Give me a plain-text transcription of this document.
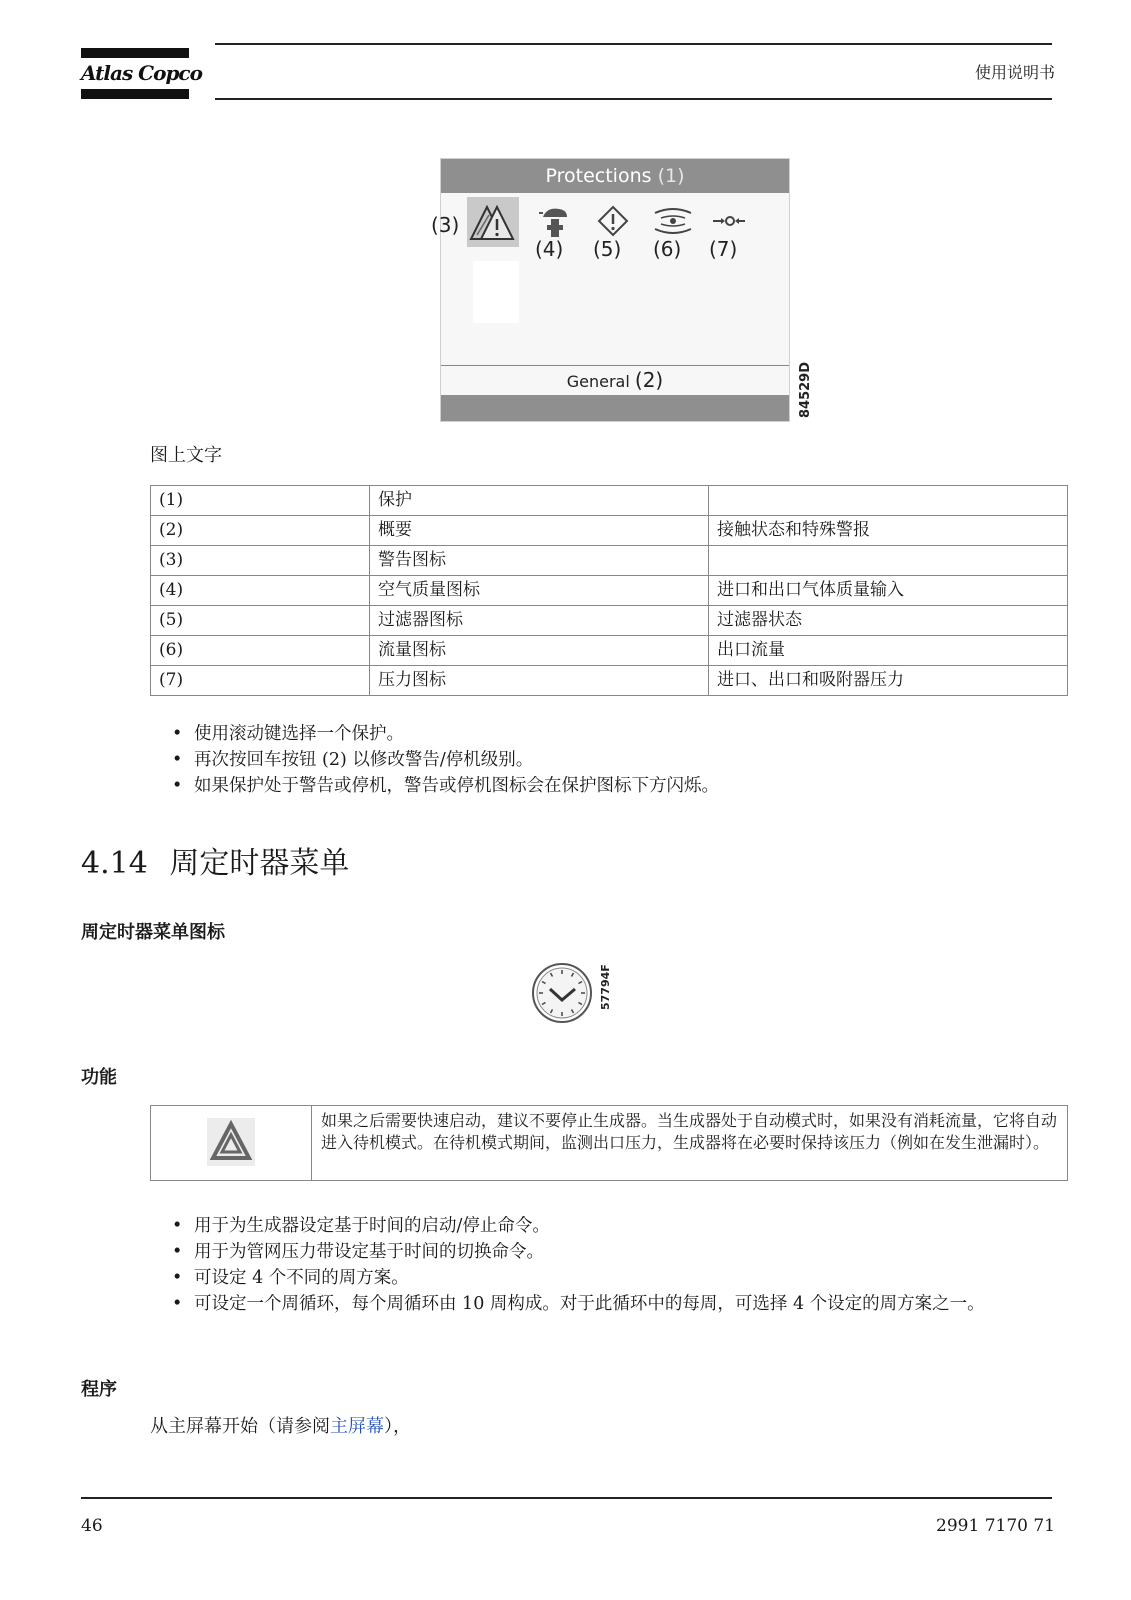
Atlas Copco	使用说明书
Protections (1)
(3)
(4) (5) (6) (7)
General (2)	84529D
图上文字
(1)	保护	
(2)	概要	接触状态和特殊警报
(3)	警告图标	
(4)	空气质量图标	进口和出口气体质量输入
(5)	过滤器图标	过滤器状态
(6)	流量图标	出口流量
(7)	压力图标	进口、出口和吸附器压力
• 使用滚动键选择一个保护。
• 再次按回车按钮 (2) 以修改警告/停机级别。
• 如果保护处于警告或停机，警告或停机图标会在保护图标下方闪烁。
4.14 周定时器菜单
周定时器菜单图标
57794F
功能
如果之后需要快速启动，建议不要停止生成器。当生成器处于自动模式时，如果没有消耗流量，它将自动进入待机模式。在待机模式期间，监测出口压力，生成器将在必要时保持该压力（例如在发生泄漏时）。
• 用于为生成器设定基于时间的启动/停止命令。
• 用于为管网压力带设定基于时间的切换命令。
• 可设定 4 个不同的周方案。
• 可设定一个周循环，每个周循环由 10 周构成。对于此循环中的每周，可选择 4 个设定的周方案之一。
程序
从主屏幕开始（请参阅主屏幕），
46	2991 7170 71
